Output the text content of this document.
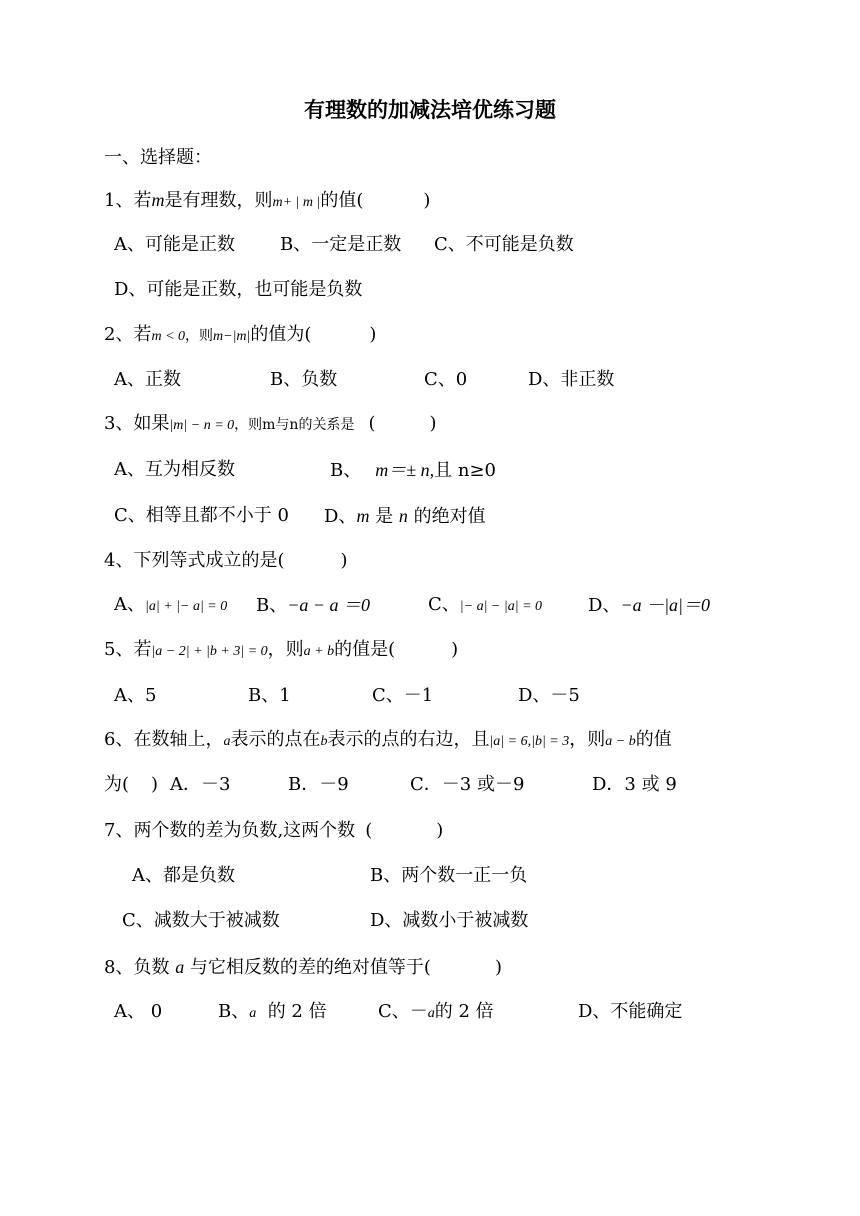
有理数的加减法培优练习题
一、选择题：
1、若m是有理数，则m+ | m |的值(	)
A、可能是正数	B、一定是正数 C、不可能是负数
D、可能是正数，也可能是负数
2、若m < 0，则m−|m|的值为(	)
A、正数	B、负数	C、0	D、非正数
3、如果|m| − n = 0，则m与n的关系是 (	)
A、互为相反数	B、 m＝± n,且 n≥0
C、相等且都不小于 0 D、m 是 n 的绝对值
4、下列等式成立的是(	)
A、|a| + |− a| = 0 B、−a − a ＝0	C、|− a| − |a| = 0	D、−a －|a|＝0
5、若|a − 2| + |b + 3| = 0，则a + b的值是(	)
A、5	B、1	C、－1	D、－5
6、在数轴上，a表示的点在b表示的点的右边，且|a| = 6,|b| = 3，则a − b的值
为( ) A．－3	B．－9	C．－3 或－9	D．3 或 9
7、两个数的差为负数,这两个数 (	)
A、都是负数	B、两个数一正一负
C、减数大于被减数	D、减数小于被减数
8、负数 a 与它相反数的差的绝对值等于(	)
A、 0	B、a 的 2 倍	C、－a的 2 倍	D、不能确定
